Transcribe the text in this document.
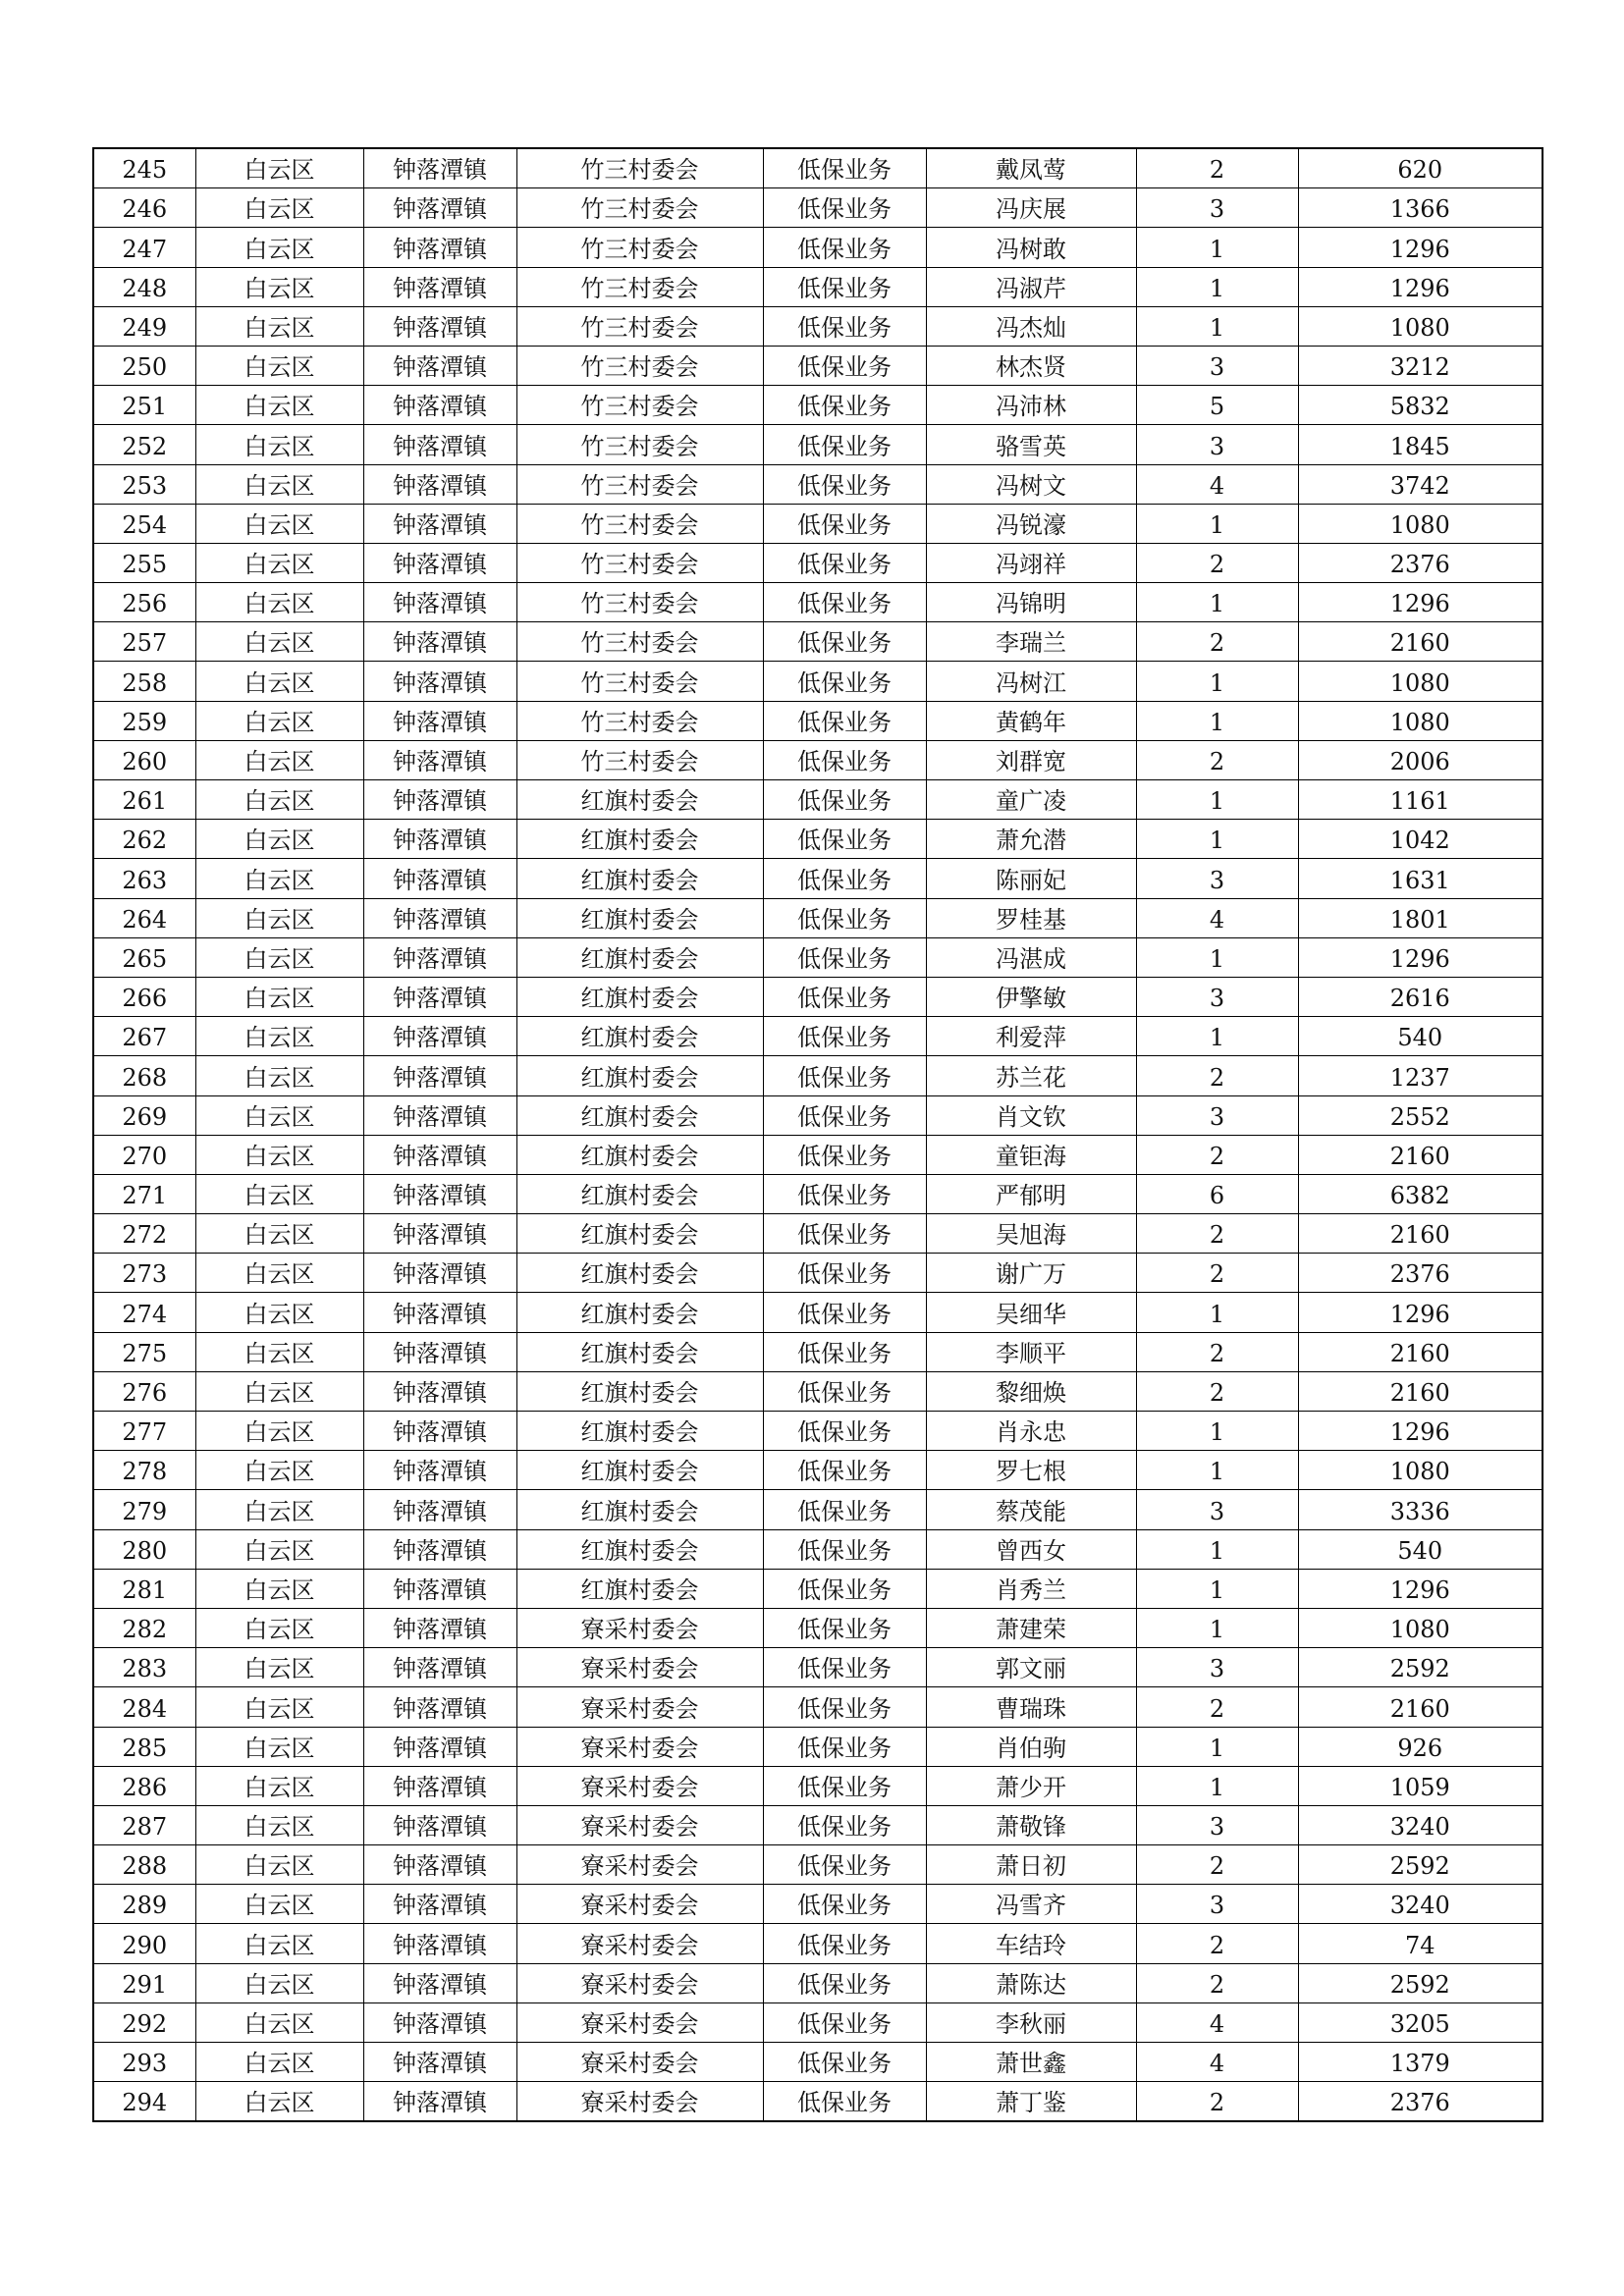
245	白云区	钟落潭镇	竹三村委会	低保业务	戴凤莺	2	620
246	白云区	钟落潭镇	竹三村委会	低保业务	冯庆展	3	1366
247	白云区	钟落潭镇	竹三村委会	低保业务	冯树敢	1	1296
248	白云区	钟落潭镇	竹三村委会	低保业务	冯淑芹	1	1296
249	白云区	钟落潭镇	竹三村委会	低保业务	冯杰灿	1	1080
250	白云区	钟落潭镇	竹三村委会	低保业务	林杰贤	3	3212
251	白云区	钟落潭镇	竹三村委会	低保业务	冯沛林	5	5832
252	白云区	钟落潭镇	竹三村委会	低保业务	骆雪英	3	1845
253	白云区	钟落潭镇	竹三村委会	低保业务	冯树文	4	3742
254	白云区	钟落潭镇	竹三村委会	低保业务	冯锐濠	1	1080
255	白云区	钟落潭镇	竹三村委会	低保业务	冯翊祥	2	2376
256	白云区	钟落潭镇	竹三村委会	低保业务	冯锦明	1	1296
257	白云区	钟落潭镇	竹三村委会	低保业务	李瑞兰	2	2160
258	白云区	钟落潭镇	竹三村委会	低保业务	冯树江	1	1080
259	白云区	钟落潭镇	竹三村委会	低保业务	黄鹤年	1	1080
260	白云区	钟落潭镇	竹三村委会	低保业务	刘群宽	2	2006
261	白云区	钟落潭镇	红旗村委会	低保业务	童广凌	1	1161
262	白云区	钟落潭镇	红旗村委会	低保业务	萧允潜	1	1042
263	白云区	钟落潭镇	红旗村委会	低保业务	陈丽妃	3	1631
264	白云区	钟落潭镇	红旗村委会	低保业务	罗桂基	4	1801
265	白云区	钟落潭镇	红旗村委会	低保业务	冯湛成	1	1296
266	白云区	钟落潭镇	红旗村委会	低保业务	伊擎敏	3	2616
267	白云区	钟落潭镇	红旗村委会	低保业务	利爱萍	1	540
268	白云区	钟落潭镇	红旗村委会	低保业务	苏兰花	2	1237
269	白云区	钟落潭镇	红旗村委会	低保业务	肖文钦	3	2552
270	白云区	钟落潭镇	红旗村委会	低保业务	童钜海	2	2160
271	白云区	钟落潭镇	红旗村委会	低保业务	严郁明	6	6382
272	白云区	钟落潭镇	红旗村委会	低保业务	吴旭海	2	2160
273	白云区	钟落潭镇	红旗村委会	低保业务	谢广万	2	2376
274	白云区	钟落潭镇	红旗村委会	低保业务	吴细华	1	1296
275	白云区	钟落潭镇	红旗村委会	低保业务	李顺平	2	2160
276	白云区	钟落潭镇	红旗村委会	低保业务	黎细焕	2	2160
277	白云区	钟落潭镇	红旗村委会	低保业务	肖永忠	1	1296
278	白云区	钟落潭镇	红旗村委会	低保业务	罗七根	1	1080
279	白云区	钟落潭镇	红旗村委会	低保业务	蔡茂能	3	3336
280	白云区	钟落潭镇	红旗村委会	低保业务	曾西女	1	540
281	白云区	钟落潭镇	红旗村委会	低保业务	肖秀兰	1	1296
282	白云区	钟落潭镇	寮采村委会	低保业务	萧建荣	1	1080
283	白云区	钟落潭镇	寮采村委会	低保业务	郭文丽	3	2592
284	白云区	钟落潭镇	寮采村委会	低保业务	曹瑞珠	2	2160
285	白云区	钟落潭镇	寮采村委会	低保业务	肖伯驹	1	926
286	白云区	钟落潭镇	寮采村委会	低保业务	萧少开	1	1059
287	白云区	钟落潭镇	寮采村委会	低保业务	萧敬锋	3	3240
288	白云区	钟落潭镇	寮采村委会	低保业务	萧日初	2	2592
289	白云区	钟落潭镇	寮采村委会	低保业务	冯雪齐	3	3240
290	白云区	钟落潭镇	寮采村委会	低保业务	车结玲	2	74
291	白云区	钟落潭镇	寮采村委会	低保业务	萧陈达	2	2592
292	白云区	钟落潭镇	寮采村委会	低保业务	李秋丽	4	3205
293	白云区	钟落潭镇	寮采村委会	低保业务	萧世鑫	4	1379
294	白云区	钟落潭镇	寮采村委会	低保业务	萧丁鉴	2	2376
